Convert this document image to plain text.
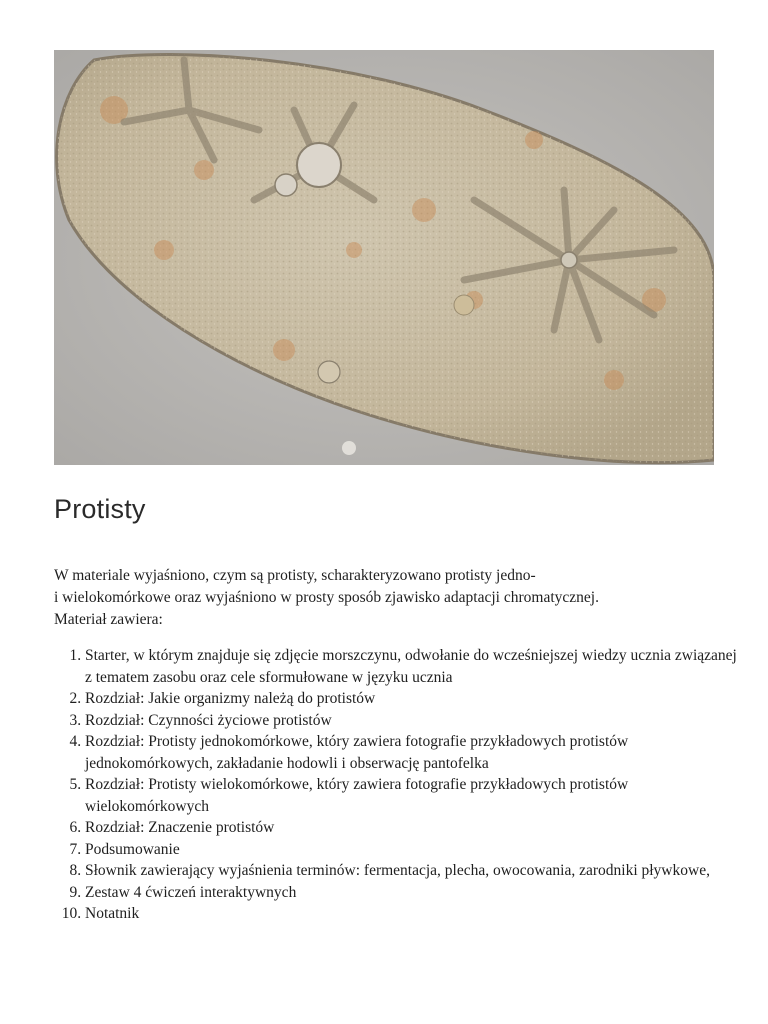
Protisty

W materiale wyjaśniono, czym są protisty, scharakteryzowano protisty jedno-
i wielokomórkowe oraz wyjaśniono w prosty sposób zjawisko adaptacji chromatycznej.
Materiał zawiera:

1. Starter, w którym znajduje się zdjęcie morszczynu, odwołanie do wcześniejszej wiedzy ucznia związanej z tematem zasobu oraz cele sformułowane w języku ucznia
2. Rozdział: Jakie organizmy należą do protistów
3. Rozdział: Czynności życiowe protistów
4. Rozdział: Protisty jednokomórkowe, który zawiera fotografie przykładowych protistów jednokomórkowych, zakładanie hodowli i obserwację pantofelka
5. Rozdział: Protisty wielokomórkowe, który zawiera fotografie przykładowych protistów wielokomórkowych
6. Rozdział: Znaczenie protistów
7. Podsumowanie
8. Słownik zawierający wyjaśnienia terminów: fermentacja, plecha, owocowania, zarodniki pływkowe,
9. Zestaw 4 ćwiczeń interaktywnych
10. Notatnik
